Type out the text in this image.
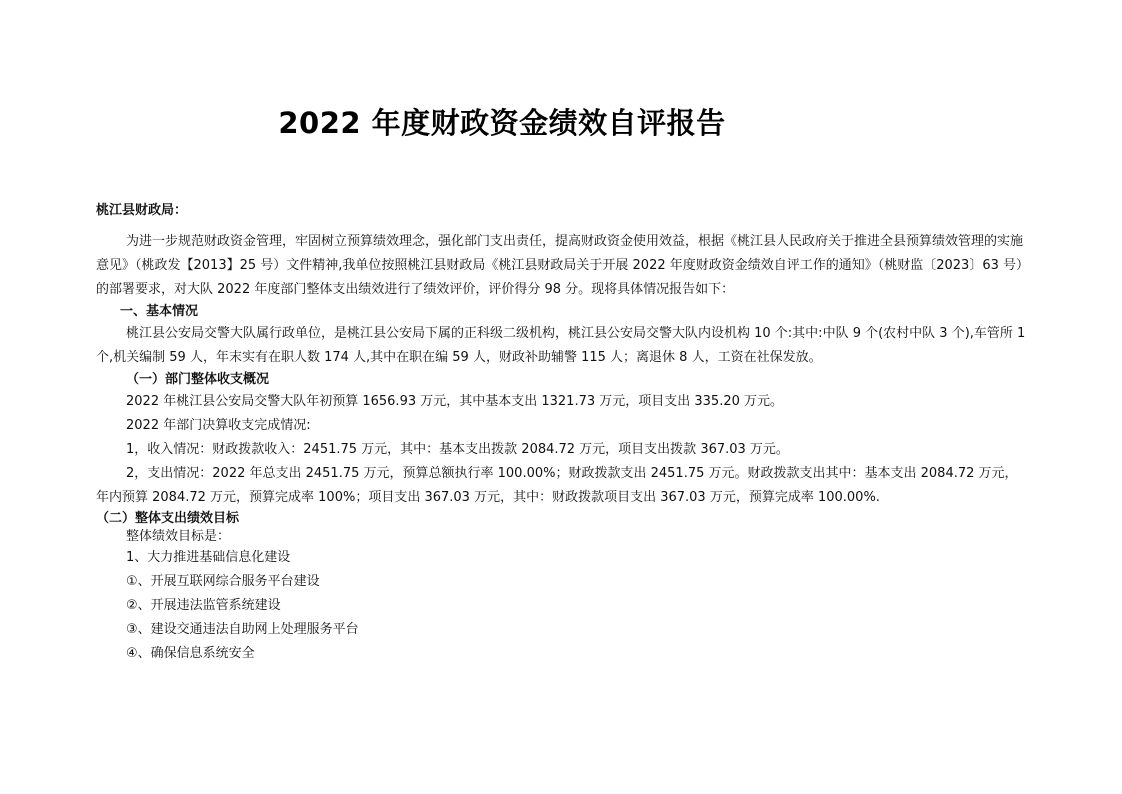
2022 年度财政资金绩效自评报告
桃江县财政局：

为进一步规范财政资金管理，牢固树立预算绩效理念，强化部门支出责任，提高财政资金使用效益，根据《桃江县人民政府关于推进全县预算绩效管理的实施意见》（桃政发【2013】25 号）文件精神,我单位按照桃江县财政局《桃江县财政局关于开展 2022 年度财政资金绩效自评工作的通知》（桃财监〔2023〕63 号）的部署要求，对大队 2022 年度部门整体支出绩效进行了绩效评价，评价得分 98 分。现将具体情况报告如下：

一、基本情况

桃江县公安局交警大队属行政单位，是桃江县公安局下属的正科级二级机构，桃江县公安局交警大队内设机构 10 个:其中:中队 9 个(农村中队 3 个),车管所 1 个,机关编制 59 人，年末实有在职人数 174 人,其中在职在编 59 人，财政补助辅警 115 人；离退休 8 人，工资在社保发放。

（一）部门整体收支概况

2022 年桃江县公安局交警大队年初预算 1656.93 万元，其中基本支出 1321.73 万元，项目支出 335.20 万元。

2022 年部门决算收支完成情况:

1，收入情况：财政拨款收入：2451.75 万元，其中：基本支出拨款 2084.72 万元，项目支出拨款 367.03 万元。

2，支出情况：2022 年总支出 2451.75 万元，预算总额执行率 100.00%；财政拨款支出 2451.75 万元。财政拨款支出其中：基本支出 2084.72 万元，年内预算 2084.72 万元，预算完成率 100%；项目支出 367.03 万元，其中：财政拨款项目支出 367.03 万元，预算完成率 100.00%.

（二）整体支出绩效目标

整体绩效目标是：

1、大力推进基础信息化建设

①、开展互联网综合服务平台建设

②、开展违法监管系统建设

③、建设交通违法自助网上处理服务平台

④、确保信息系统安全
